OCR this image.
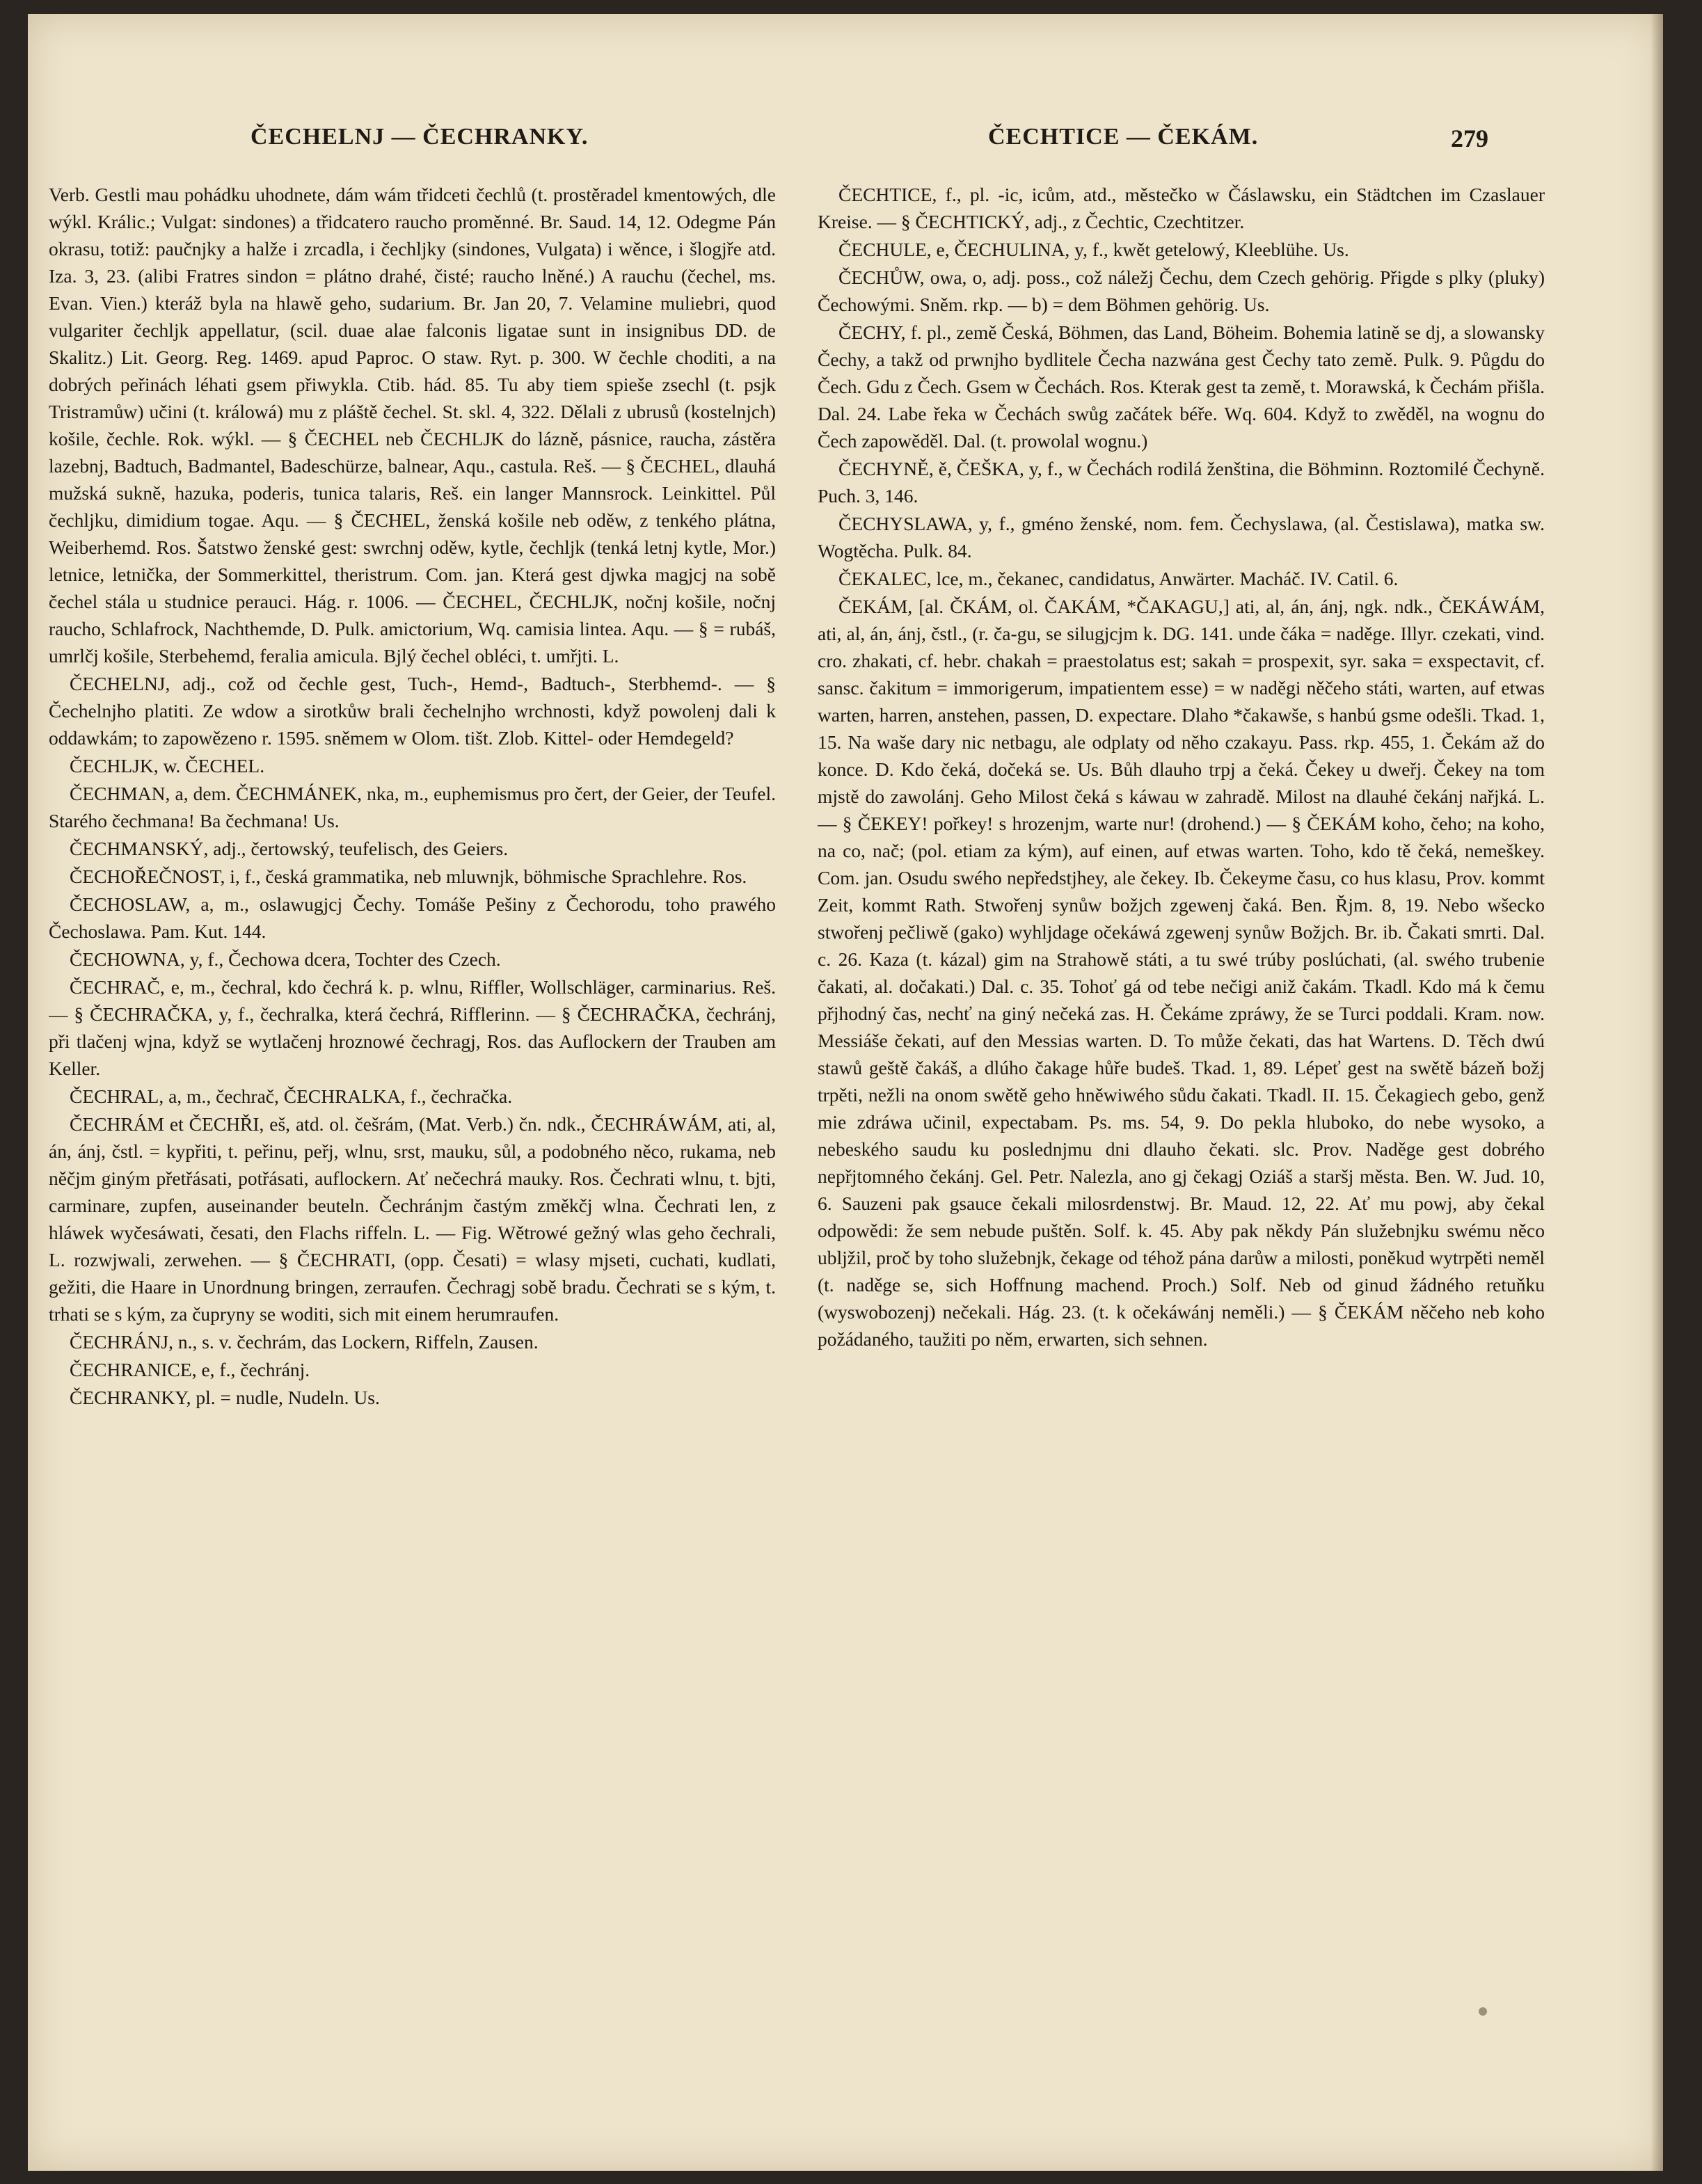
ČECHELNJ — ČECHRANKY.	ČECHTICE — ČEKÁM.	279

Verb. Gestli mau pohádku uhodnete, dám wám třidceti čechlů (t. prostěradel kmentowých, dle wýkl. Králic.; Vulgat: sindones) a třidcatero raucho proměnné. Br. Saud. 14, 12. Odegme Pán okrasu, totiž: paučnjky a halže i zrcadla, i čechljky (sindones, Vulgata) i wěnce, i šlogjře atd. Iza. 3, 23. (alibi Fratres sindon = plátno drahé, čisté; raucho lněné.) A rauchu (čechel, ms. Evan. Vien.) kteráž byla na hlawě geho, sudarium. Br. Jan 20, 7. Velamine muliebri, quod vulgariter čechljk appellatur, (scil. duae alae falconis ligatae sunt in insignibus DD. de Skalitz.) Lit. Georg. Reg. 1469. apud Paproc. O staw. Ryt. p. 300. W čechle choditi, a na dobrých peřinách léhati gsem přiwykla. Ctib. hád. 85. Tu aby tiem spieše zsechl (t. psjk Tristramůw) učini (t. králowá) mu z pláště čechel. St. skl. 4, 322. Dělali z ubrusů (kostelnjch) košile, čechle. Rok. wýkl. — § ČECHEL neb ČECHLJK do lázně, pásnice, raucha, zástěra lazebnj, Badtuch, Badmantel, Badeschürze, balnear, Aqu., castula. Reš. — § ČECHEL, dlauhá mužská sukně, hazuka, poderis, tunica talaris, Reš. ein langer Mannsrock. Leinkittel. Půl čechljku, dimidium togae. Aqu. — § ČECHEL, ženská košile neb oděw, z tenkého plátna, Weiberhemd. Ros. Šatstwo ženské gest: swrchnj oděw, kytle, čechljk (tenká letnj kytle, Mor.) letnice, letnička, der Sommerkittel, theristrum. Com. jan. Která gest djwka magjcj na sobě čechel stála u studnice perauci. Hág. r. 1006. — ČECHEL, ČECHLJK, nočnj košile, nočnj raucho, Schlafrock, Nachthemde, D. Pulk. amictorium, Wq. camisia lintea. Aqu. — § = rubáš, umrlčj košile, Sterbehemd, feralia amicula. Bjlý čechel obléci, t. umřjti. L.

ČECHELNJ, adj., což od čechle gest, Tuch-, Hemd-, Badtuch-, Sterbhemd-. — § Čechelnjho platiti. Ze wdow a sirotkůw brali čechelnjho wrchnosti, když powolenj dali k oddawkám; to zapowězeno r. 1595. sněmem w Olom. tišt. Zlob. Kittel- oder Hemdegeld?

ČECHLJK, w. ČECHEL.

ČECHMAN, a, dem. ČECHMÁNEK, nka, m., euphemismus pro čert, der Geier, der Teufel. Starého čechmana! Ba čechmana! Us.

ČECHMANSKÝ, adj., čertowský, teufelisch, des Geiers.

ČECHOŘEČNOST, i, f., česká grammatika, neb mluwnjk, böhmische Sprachlehre. Ros.

ČECHOSLAW, a, m., oslawugjcj Čechy. Tomáše Pešiny z Čechorodu, toho prawého Čechoslawa. Pam. Kut. 144.

ČECHOWNA, y, f., Čechowa dcera, Tochter des Czech.

ČECHRAČ, e, m., čechral, kdo čechrá k. p. wlnu, Riffler, Wollschläger, carminarius. Reš. — § ČECHRAČKA, y, f., čechralka, která čechrá, Rifflerinn. — § ČECHRAČKA, čechránj, při tlačenj wjna, když se wytlačenj hroznowé čechragj, Ros. das Auflockern der Trauben am Keller.

ČECHRAL, a, m., čechrač, ČECHRALKA, f., čechračka.

ČECHRÁM et ČECHŘI, eš, atd. ol. češrám, (Mat. Verb.) čn. ndk., ČECHRÁWÁM, ati, al, án, ánj, čstl. = kypřiti, t. peřinu, peřj, wlnu, srst, mauku, sůl, a podobného něco, rukama, neb něčjm giným přetřásati, potřásati, auflockern. Ať nečechrá mauky. Ros. Čechrati wlnu, t. bjti, carminare, zupfen, auseinander beuteln. Čechránjm častým změkčj wlna. Čechrati len, z hláwek wyčesáwati, česati, den Flachs riffeln. L. — Fig. Wětrowé gežný wlas geho čechrali, L. rozwjwali, zerwehen. — § ČECHRATI, (opp. Česati) = wlasy mjseti, cuchati, kudlati, gežiti, die Haare in Unordnung bringen, zerraufen. Čechragj sobě bradu. Čechrati se s kým, t. trhati se s kým, za čupryny se woditi, sich mit einem herumraufen.

ČECHRÁNJ, n., s. v. čechrám, das Lockern, Riffeln, Zausen.

ČECHRANICE, e, f., čechránj.

ČECHRANKY, pl. = nudle, Nudeln. Us.

ČECHTICE, f., pl. -ic, icům, atd., městečko w Čáslawsku, ein Städtchen im Czaslauer Kreise. — § ČECHTICKÝ, adj., z Čechtic, Czechtitzer.

ČECHULE, e, ČECHULINA, y, f., kwět getelowý, Kleeblühe. Us.

ČECHŮW, owa, o, adj. poss., což náležj Čechu, dem Czech gehörig. Přigde s plky (pluky) Čechowými. Sněm. rkp. — b) = dem Böhmen gehörig. Us.

ČECHY, f. pl., země Česká, Böhmen, das Land, Böheim. Bohemia latině se dj, a slowansky Čechy, a takž od prwnjho bydlitele Čecha nazwána gest Čechy tato země. Pulk. 9. Půgdu do Čech. Gdu z Čech. Gsem w Čechách. Ros. Kterak gest ta země, t. Morawská, k Čechám přišla. Dal. 24. Labe řeka w Čechách swůg začátek béře. Wq. 604. Když to zwěděl, na wognu do Čech zapowěděl. Dal. (t. prowolal wognu.)

ČECHYNĚ, ě, ČEŠKA, y, f., w Čechách rodilá ženština, die Böhminn. Roztomilé Čechyně. Puch. 3, 146.

ČECHYSLAWA, y, f., gméno ženské, nom. fem. Čechyslawa, (al. Čestislawa), matka sw. Wogtěcha. Pulk. 84.

ČEKALEC, lce, m., čekanec, candidatus, Anwärter. Macháč. IV. Catil. 6.

ČEKÁM, [al. ČKÁM, ol. ČAKÁM, *ČAKAGU,] ati, al, án, ánj, ngk. ndk., ČEKÁWÁM, ati, al, án, ánj, čstl., (r. ča-gu, se silugjcjm k. DG. 141. unde čáka = naděge. Illyr. czekati, vind. cro. zhakati, cf. hebr. chakah = praestolatus est; sakah = prospexit, syr. saka = exspectavit, cf. sansc. čakitum = immorigerum, impatientem esse) = w naděgi něčeho státi, warten, auf etwas warten, harren, anstehen, passen, D. expectare. Dlaho *čakawše, s hanbú gsme odešli. Tkad. 1, 15. Na waše dary nic netbagu, ale odplaty od něho czakayu. Pass. rkp. 455, 1. Čekám až do konce. D. Kdo čeká, dočeká se. Us. Bůh dlauho trpj a čeká. Čekey u dweřj. Čekey na tom mjstě do zawolánj. Geho Milost čeká s káwau w zahradě. Milost na dlauhé čekánj nařjká. L. — § ČEKEY! pořkey! s hrozenjm, warte nur! (drohend.) — § ČEKÁM koho, čeho; na koho, na co, nač; (pol. etiam za kým), auf einen, auf etwas warten. Toho, kdo tě čeká, nemeškey. Com. jan. Osudu swého nepředstjhey, ale čekey. Ib. Čekeyme času, co hus klasu, Prov. kommt Zeit, kommt Rath. Stwořenj synůw božjch zgewenj čaká. Ben. Řjm. 8, 19. Nebo wšecko stwořenj pečliwě (gako) wyhljdage očekáwá zgewenj synůw Božjch. Br. ib. Čakati smrti. Dal. c. 26. Kaza (t. kázal) gim na Strahowě státi, a tu swé trúby poslúchati, (al. swého trubenie čakati, al. dočakati.) Dal. c. 35. Tohoť gá od tebe nečigi aniž čakám. Tkadl. Kdo má k čemu přjhodný čas, nechť na giný nečeká zas. H. Čekáme zpráwy, že se Turci poddali. Kram. now. Messiáše čekati, auf den Messias warten. D. To může čekati, das hat Wartens. D. Těch dwú stawů geště čakáš, a dlúho čakage hůře budeš. Tkad. 1, 89. Lépeť gest na swětě bázeň božj trpěti, nežli na onom swětě geho hněwiwého sůdu čakati. Tkadl. II. 15. Čekagiech gebo, genž mie zdráwa učinil, expectabam. Ps. ms. 54, 9. Do pekla hluboko, do nebe wysoko, a nebeského saudu ku poslednjmu dni dlauho čekati. slc. Prov. Naděge gest dobrého nepřjtomného čekánj. Gel. Petr. Nalezla, ano gj čekagj Oziáš a staršj města. Ben. W. Jud. 10, 6. Sauzeni pak gsauce čekali milosrdenstwj. Br. Maud. 12, 22. Ať mu powj, aby čekal odpowědi: že sem nebude puštěn. Solf. k. 45. Aby pak někdy Pán služebnjku swému něco ubljžil, proč by toho služebnjk, čekage od téhož pána darůw a milosti, poněkud wytrpěti neměl (t. naděge se, sich Hoffnung machend. Proch.) Solf. Neb od ginud žádného retuňku (wyswobozenj) nečekali. Hág. 23. (t. k očekáwánj neměli.) — § ČEKÁM něčeho neb koho požádaného, taužiti po něm, erwarten, sich sehnen.
